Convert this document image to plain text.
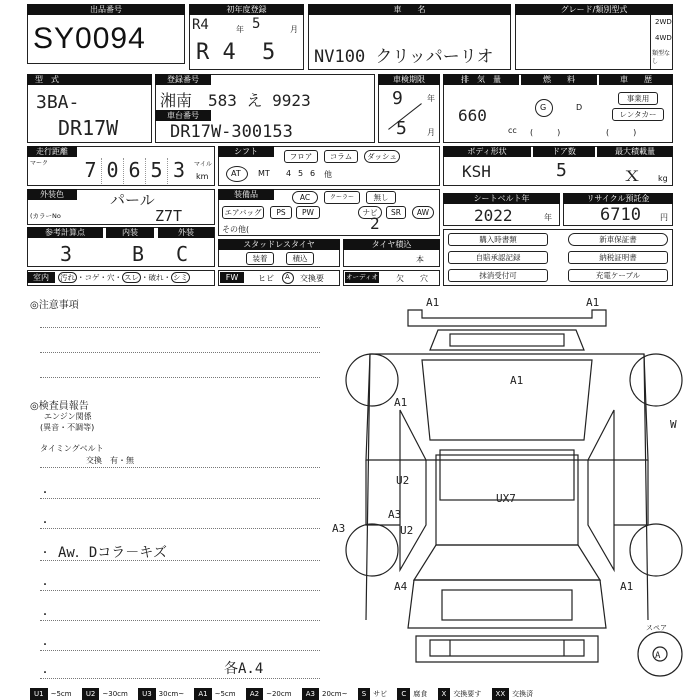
出品番号
SY0094
初年度登録
R4	年 5	月
R 4 5
車　　名
NV100 クリッパーリオ
グレード/類別型式
2WD
4WD
類型なし
型　式
3BA-
DR17W
登録番号
湘南　583 え 9923
車台番号
DR17W-300153
車検期限
9	年
5	月
排　気　量
660
cc
燃　　料
G	D
(　　　)
車　　歴
事業用
レンタカー
(　　　)
走行距離
マーク 7 0 6 5 3	マイル
km
シフト
フロア	コラム	ダッシュ
AT MT 4 5 6 他
ボディ形状
KSH
ドア数
5
最大積載量
ｘ kg
外装色
(カラーNo
パール
Z7T
装備品	AC	クーラー	無し
エアバッグ	PS	PW	ナビ	SR	AW
その他(	2
シートベルト年
2022	年
リサイクル預託金
6710 円
参考計算点
3
内装
B
外装
C	スタッドレスタイヤ
装着	積込
タイヤ積込
本
購入時書類	新車保証書
自賠承認記録	納税証明書
抹消受付可	充電ケーブル
室内	汚れ ・コゲ・穴・ スレ ・破れ・ シミ	FW	ヒビ A 交換要	オーディオ 欠 穴
◎注意事項
◎検査員報告
エンジン関係
(異音・不調等)
タイミングベルト
交換　有・無
・
・
・ Aw．Dコラ－キズ
・
・
・
・	各A.4
A1	A1
A1
A1
U2
A3
U2
A3
A4	A1
W
UX7
スペア
A
U1 ~5cm U2 ~30cm U3 30cm~ A1 ~5cm A2 ~20cm A3 20cm~ S サビ C 腐食 X 交換要す XX 交換済
